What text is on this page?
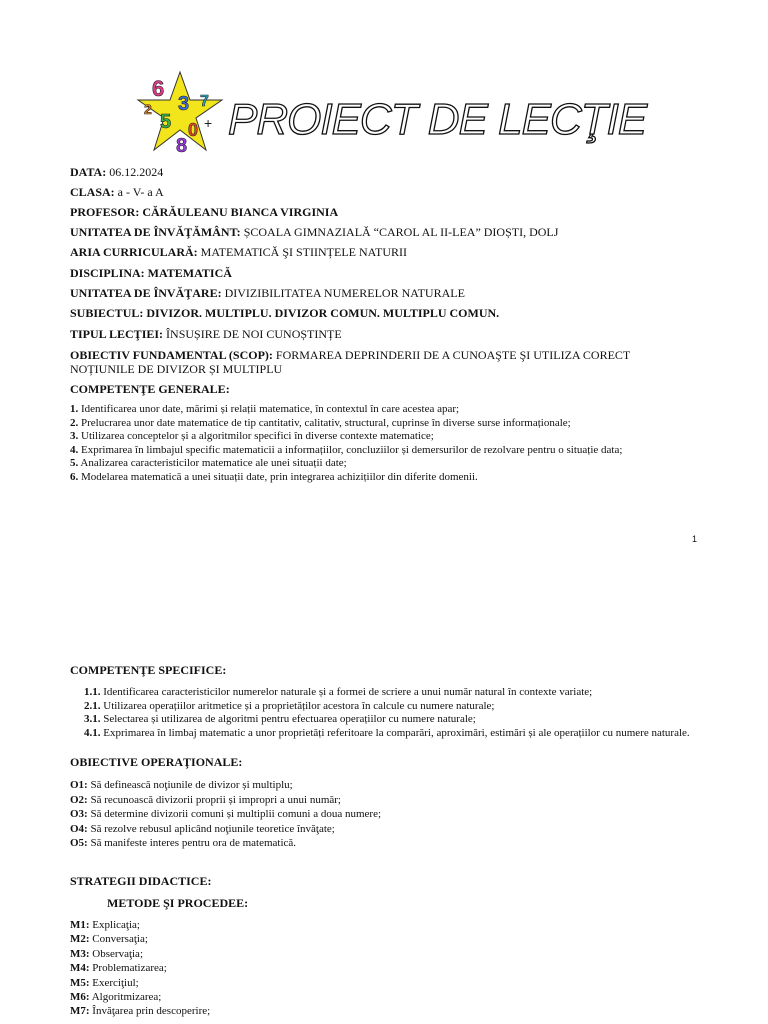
6
3
5 0
8
7
2
+ PROIECT DE LECŢIE
DATA: 06.12.2024
CLASA: a - V- a A
PROFESOR: CĂRĂULEANU BIANCA VIRGINIA
UNITATEA DE ÎNVĂŢĂMÂNT: ȘCOALA GIMNAZIALĂ “CAROL AL II-LEA” DIOȘTI, DOLJ
ARIA CURRICULARĂ: MATEMATICĂ ŞI STIINȚELE NATURII
DISCIPLINA: MATEMATICĂ
UNITATEA DE ÎNVĂŢARE: DIVIZIBILITATEA NUMERELOR NATURALE
SUBIECTUL: DIVIZOR. MULTIPLU. DIVIZOR COMUN. MULTIPLU COMUN.
TIPUL LECŢIEI: ÎNSUȘIRE DE NOI CUNOȘTINȚE
OBIECTIV FUNDAMENTAL (SCOP): FORMAREA DEPRINDERII DE A CUNOAŞTE ŞI UTILIZA CORECT NOȚIUNILE DE DIVIZOR ȘI MULTIPLU
COMPETENŢE GENERALE:
1. Identificarea unor date, mărimi și relații matematice, în contextul în care acestea apar;
2. Prelucrarea unor date matematice de tip cantitativ, calitativ, structural, cuprinse în diverse surse informaționale;
3. Utilizarea conceptelor și a algoritmilor specifici în diverse contexte matematice;
4. Exprimarea în limbajul specific matematicii a informațiilor, concluziilor și demersurilor de rezolvare pentru o situație data;
5. Analizarea caracteristicilor matematice ale unei situații date;
6. Modelarea matematică a unei situații date, prin integrarea achizițiilor din diferite domenii.
1
COMPETENŢE SPECIFICE:
1.1. Identificarea caracteristicilor numerelor naturale și a formei de scriere a unui număr natural în contexte variate;
2.1. Utilizarea operațiilor aritmetice și a proprietăților acestora în calcule cu numere naturale;
3.1. Selectarea și utilizarea de algoritmi pentru efectuarea operațiilor cu numere naturale;
4.1. Exprimarea în limbaj matematic a unor proprietăți referitoare la comparări, aproximări, estimări și ale operațiilor cu numere naturale.
OBIECTIVE OPERAŢIONALE:
O1: Să definească noţiunile de divizor și multiplu;
O2: Să recunoască divizorii proprii și impropri a unui număr;
O3: Să determine divizorii comuni și multiplii comuni a doua numere;
O4: Să rezolve rebusul aplicând noţiunile teoretice învăţate;
O5: Să manifeste interes pentru ora de matematică.
STRATEGII DIDACTICE:
METODE ŞI PROCEDEE:
M1: Explicaţia;
M2: Conversaţia;
M3: Observaţia;
M4: Problematizarea;
M5: Exerciţiul;
M6: Algoritmizarea;
M7: Învăţarea prin descoperire;
